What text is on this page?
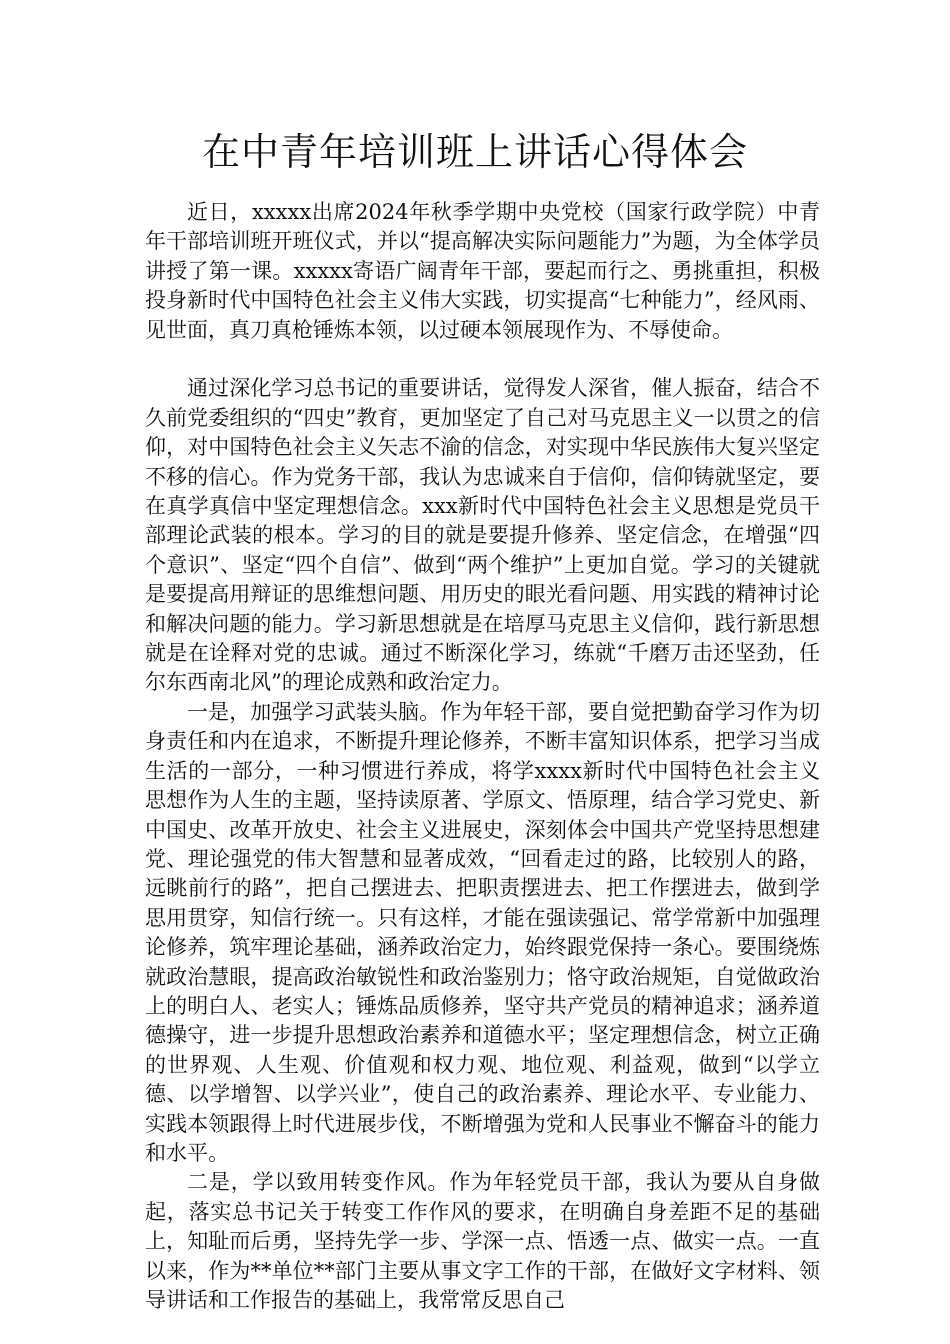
在中青年培训班上讲话心得体会

近日，xxxxx出席2024年秋季学期中央党校（国家行政学院）中青年干部培训班开班仪式，并以“提高解决实际问题能力”为题，为全体学员讲授了第一课。xxxxx寄语广阔青年干部，要起而行之、勇挑重担，积极投身新时代中国特色社会主义伟大实践，切实提高“七种能力”，经风雨、见世面，真刀真枪锤炼本领，以过硬本领展现作为、不辱使命。

通过深化学习总书记的重要讲话，觉得发人深省，催人振奋，结合不久前党委组织的“四史”教育，更加坚定了自己对马克思主义一以贯之的信仰，对中国特色社会主义矢志不渝的信念，对实现中华民族伟大复兴坚定不移的信心。作为党务干部，我认为忠诚来自于信仰，信仰铸就坚定，要在真学真信中坚定理想信念。xxx新时代中国特色社会主义思想是党员干部理论武装的根本。学习的目的就是要提升修养、坚定信念，在增强“四个意识”、坚定“四个自信”、做到“两个维护”上更加自觉。学习的关键就是要提高用辩证的思维想问题、用历史的眼光看问题、用实践的精神讨论和解决问题的能力。学习新思想就是在培厚马克思主义信仰，践行新思想就是在诠释对党的忠诚。通过不断深化学习，练就“千磨万击还坚劲，任尔东西南北风”的理论成熟和政治定力。

一是，加强学习武装头脑。作为年轻干部，要自觉把勤奋学习作为切身责任和内在追求，不断提升理论修养，不断丰富知识体系，把学习当成生活的一部分，一种习惯进行养成，将学xxxx新时代中国特色社会主义思想作为人生的主题，坚持读原著、学原文、悟原理，结合学习党史、新中国史、改革开放史、社会主义进展史，深刻体会中国共产党坚持思想建党、理论强党的伟大智慧和显著成效，“回看走过的路，比较别人的路，远眺前行的路”，把自己摆进去、把职责摆进去、把工作摆进去，做到学思用贯穿，知信行统一。只有这样，才能在强读强记、常学常新中加强理论修养，筑牢理论基础，涵养政治定力，始终跟党保持一条心。要围绕炼就政治慧眼，提高政治敏锐性和政治鉴别力；恪守政治规矩，自觉做政治上的明白人、老实人；锤炼品质修养，坚守共产党员的精神追求；涵养道德操守，进一步提升思想政治素养和道德水平；坚定理想信念，树立正确的世界观、人生观、价值观和权力观、地位观、利益观，做到“以学立德、以学增智、以学兴业”，使自己的政治素养、理论水平、专业能力、实践本领跟得上时代进展步伐，不断增强为党和人民事业不懈奋斗的能力和水平。

二是，学以致用转变作风。作为年轻党员干部，我认为要从自身做起，落实总书记关于转变工作作风的要求，在明确自身差距不足的基础上，知耻而后勇，坚持先学一步、学深一点、悟透一点、做实一点。一直以来，作为**单位**部门主要从事文字工作的干部，在做好文字材料、领导讲话和工作报告的基础上，我常常反思自己
